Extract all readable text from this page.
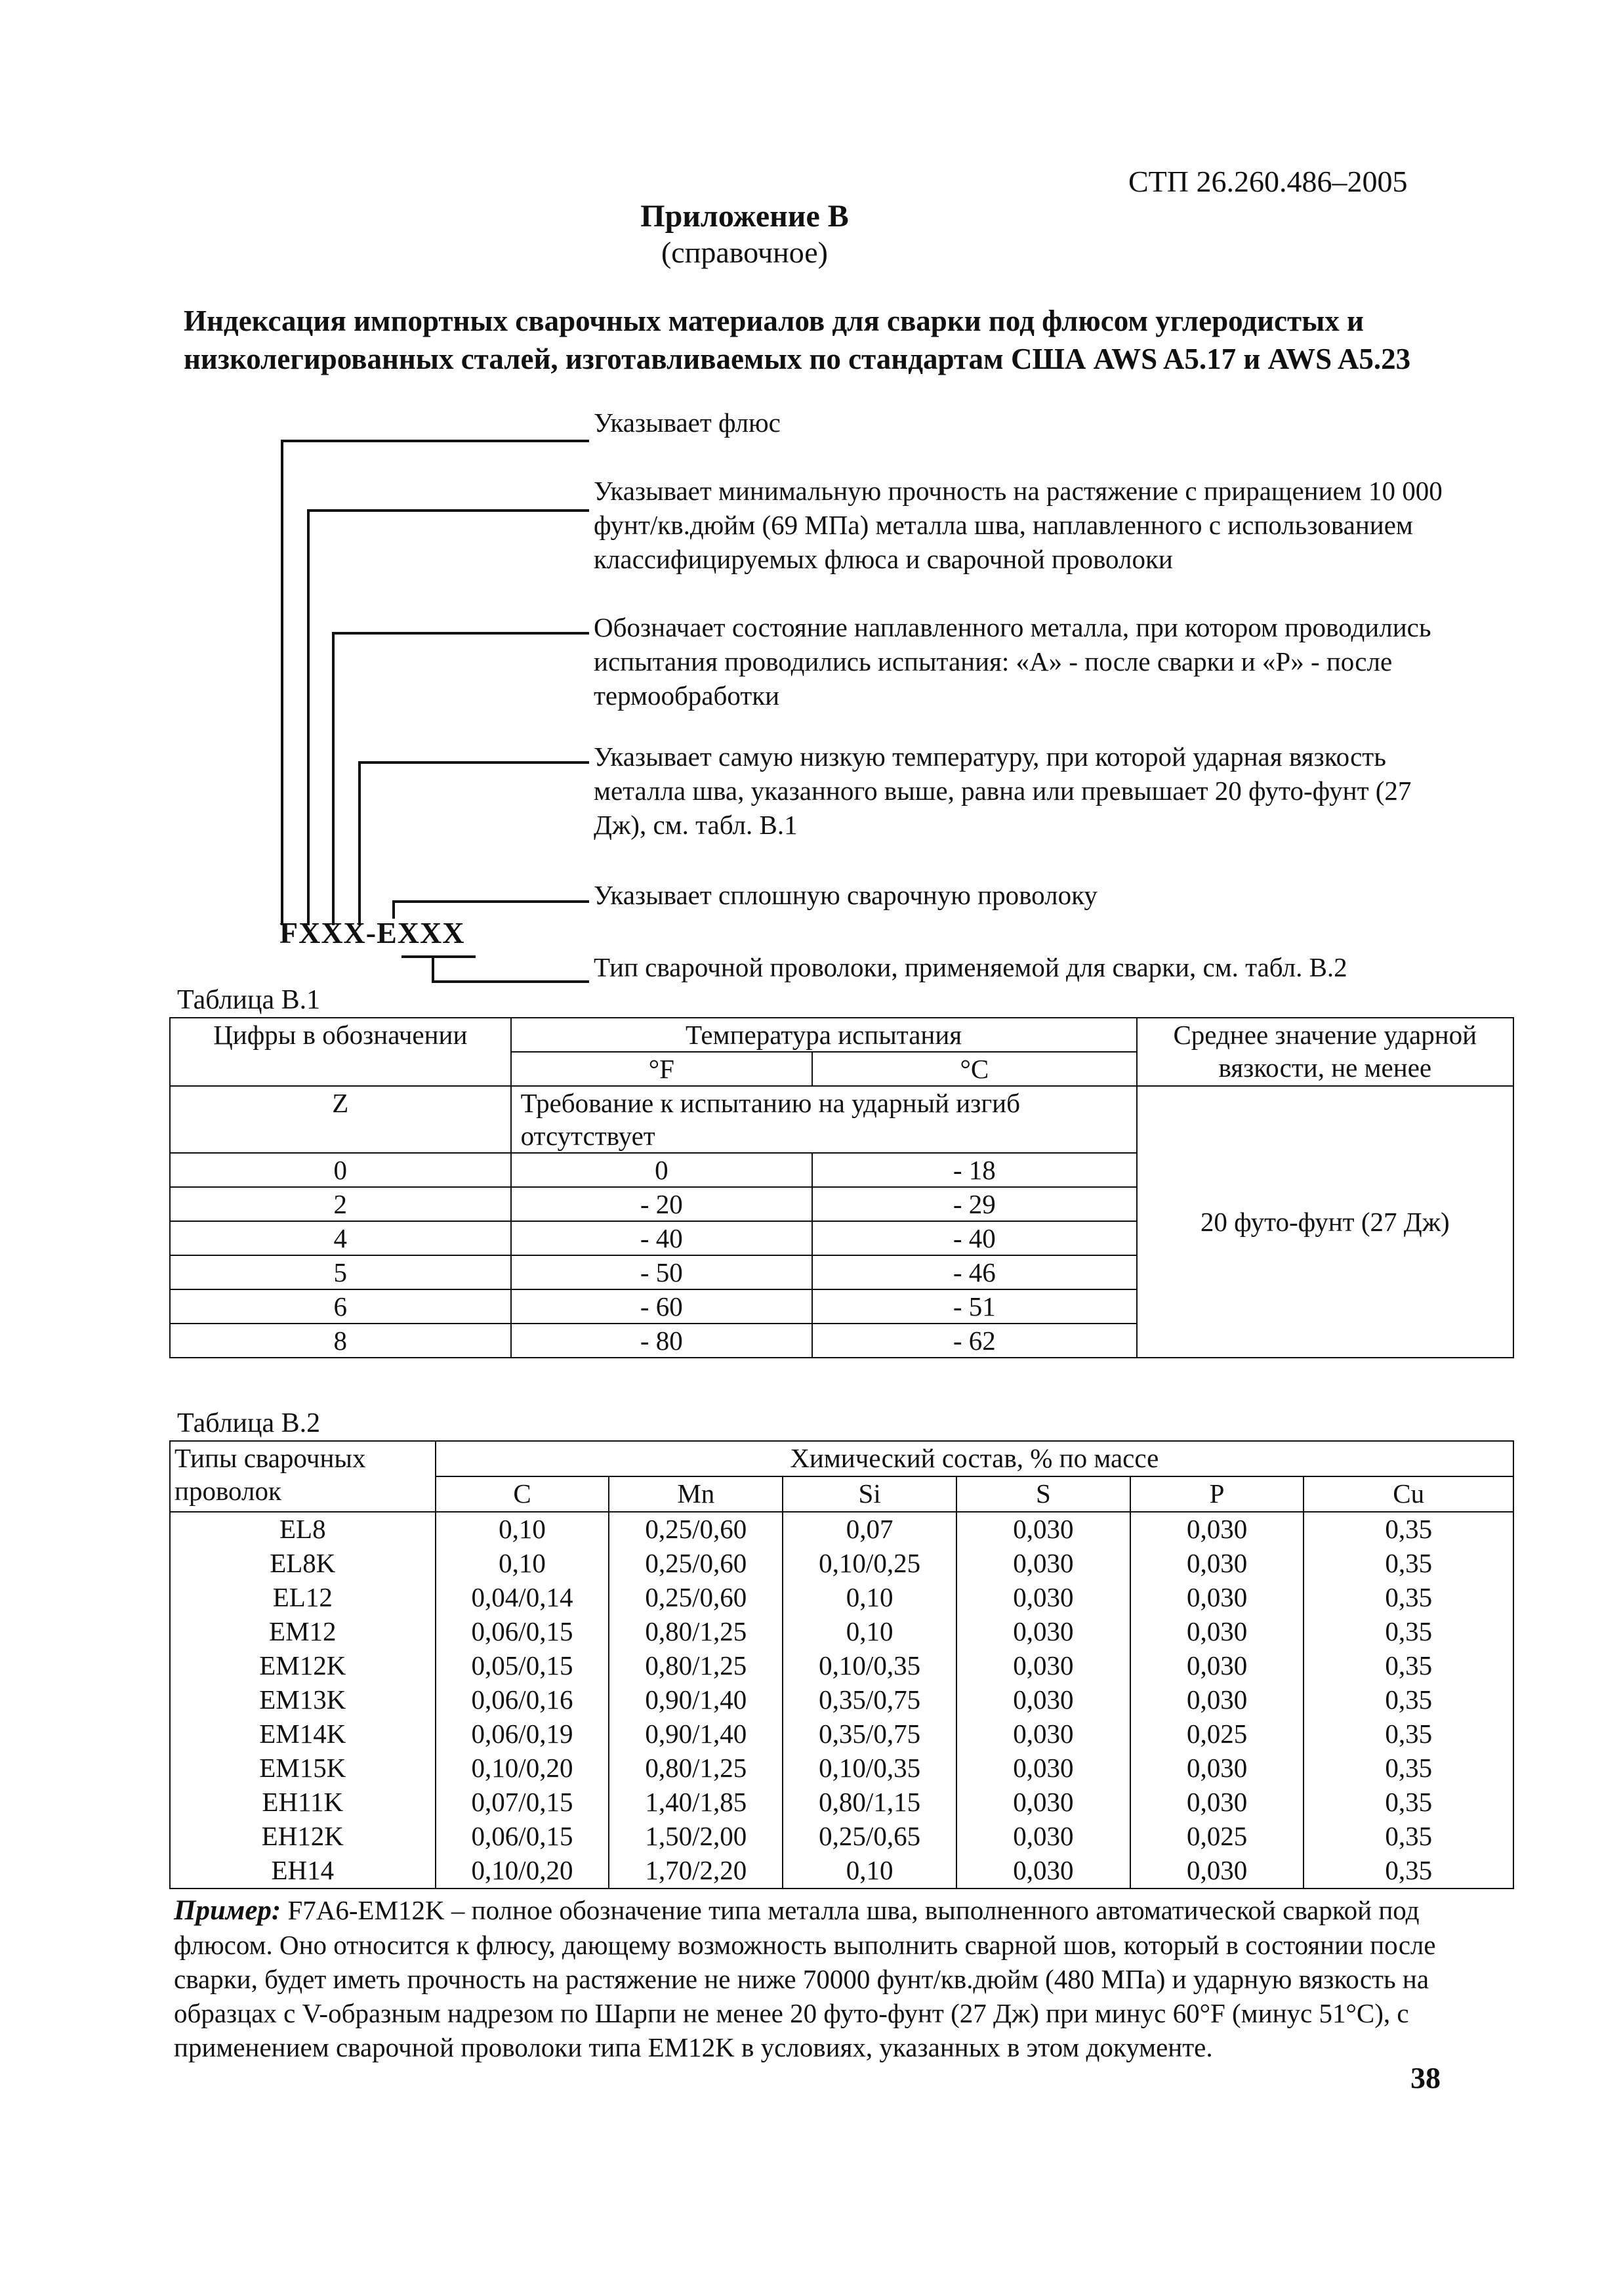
СТП 26.260.486–2005
Приложение В
(справочное)
Индексация импортных сварочных материалов для сварки под флюсом углеродистых и низколегированных сталей, изготавливаемых по стандартам США AWS A5.17 и AWS A5.23
Указывает флюс
Указывает минимальную прочность на растяжение с приращением 10 000 фунт/кв.дюйм (69 МПа) металла шва, наплавленного с использованием классифицируемых флюса и сварочной проволоки
Обозначает состояние наплавленного металла, при котором проводились испытания проводились испытания: «A» - после сварки и «P» - после термообработки
Указывает самую низкую температуру, при которой ударная вязкость металла шва, указанного выше, равна или превышает 20 футо-фунт (27 Дж), см. табл. В.1
Указывает сплошную сварочную проволоку
Тип сварочной проволоки, применяемой для сварки, см. табл. В.2
FXXX-EXXX
Таблица В.1
Цифры в обозначении	Температура испытания		Среднее значение ударной вязкости, не менее
	°F	°C	
Z	Требование к испытанию на ударный изгиб отсутствует		20 футо-фунт (27 Дж)
0	0	- 18	
2	- 20	- 29	
4	- 40	- 40	
5	- 50	- 46	
6	- 60	- 51	
8	- 80	- 62	
Таблица В.2
Типы сварочных проволок	Химический состав, % по массе					
	C	Mn	Si	S	P	Cu
EL8	0,10	0,25/0,60	0,07	0,030	0,030	0,35
EL8K	0,10	0,25/0,60	0,10/0,25	0,030	0,030	0,35
EL12	0,04/0,14	0,25/0,60	0,10	0,030	0,030	0,35
EM12	0,06/0,15	0,80/1,25	0,10	0,030	0,030	0,35
EM12K	0,05/0,15	0,80/1,25	0,10/0,35	0,030	0,030	0,35
EM13K	0,06/0,16	0,90/1,40	0,35/0,75	0,030	0,030	0,35
EM14K	0,06/0,19	0,90/1,40	0,35/0,75	0,030	0,025	0,35
EM15K	0,10/0,20	0,80/1,25	0,10/0,35	0,030	0,030	0,35
EH11K	0,07/0,15	1,40/1,85	0,80/1,15	0,030	0,030	0,35
EH12K	0,06/0,15	1,50/2,00	0,25/0,65	0,030	0,025	0,35
EH14	0,10/0,20	1,70/2,20	0,10	0,030	0,030	0,35
Пример: F7A6-EM12K – полное обозначение типа металла шва, выполненного автоматической сваркой под флюсом. Оно относится к флюсу, дающему возможность выполнить сварной шов, который в состоянии после сварки, будет иметь прочность на растяжение не ниже 70000 фунт/кв.дюйм (480 МПа) и ударную вязкость на образцах с V-образным надрезом по Шарпи не менее 20 футо-фунт (27 Дж) при минус 60°F (минус 51°C), с применением сварочной проволоки типа EM12K в условиях, указанных в этом документе.
38
